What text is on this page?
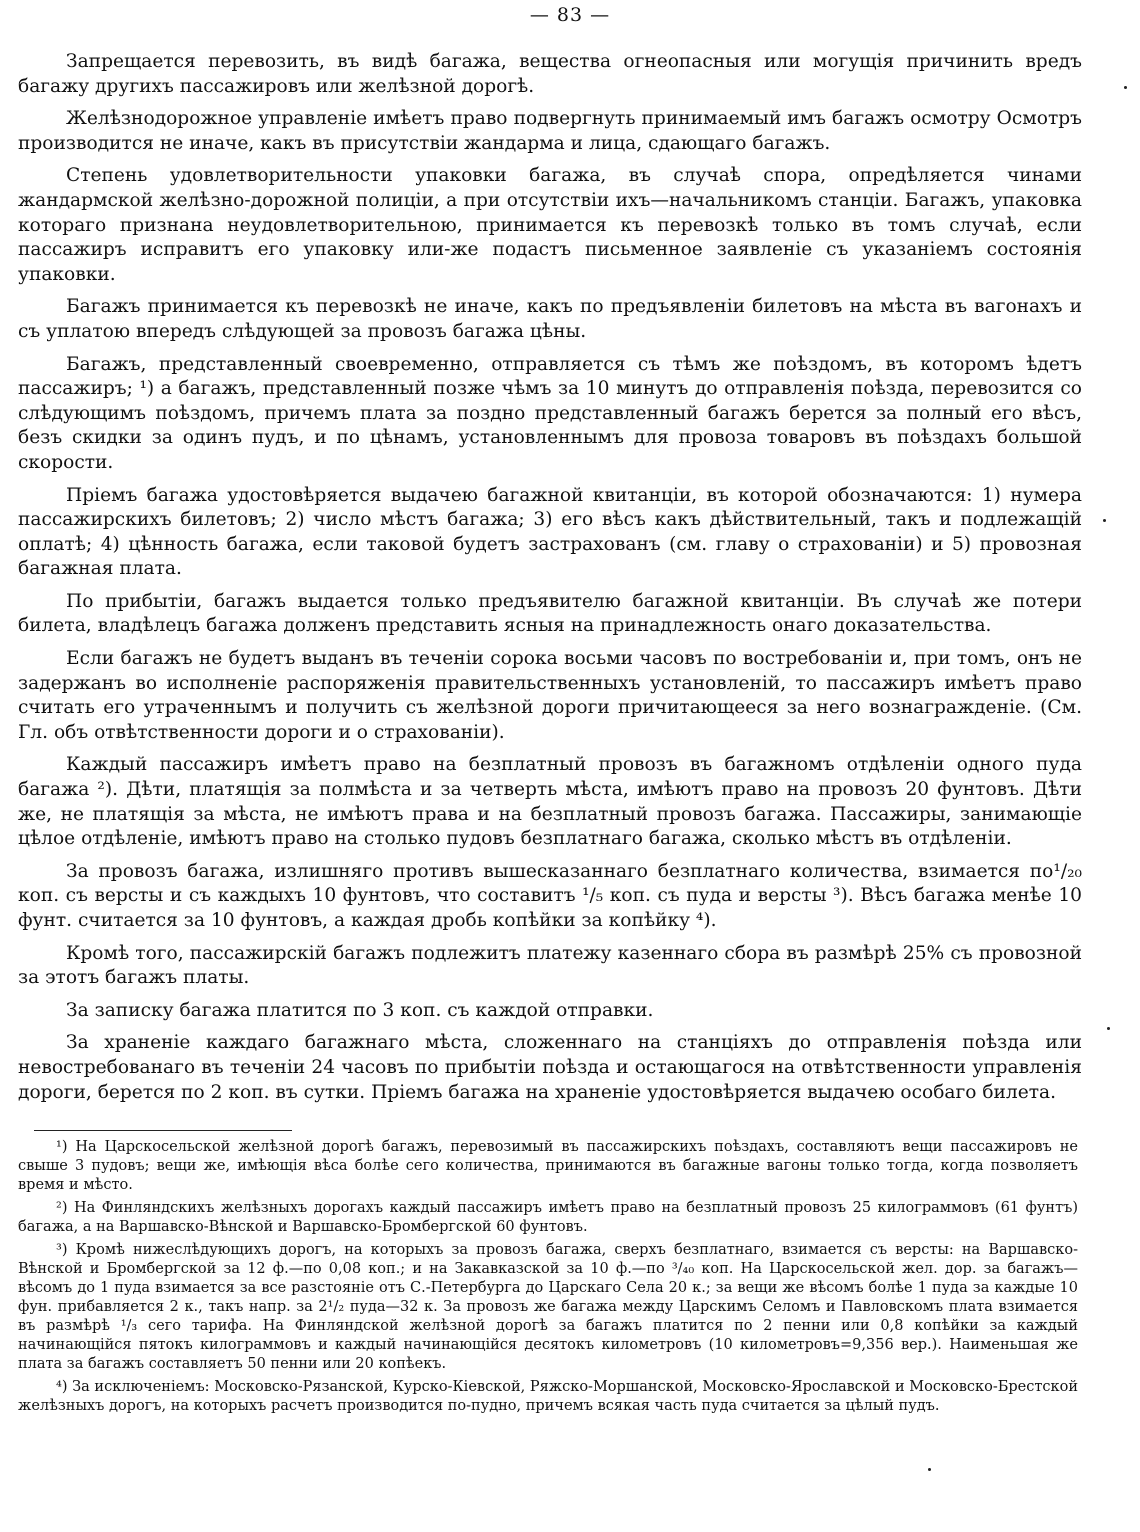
— 83 —

Запрещается перевозить, въ видѣ багажа, вещества огнеопасныя или могущія причинить вредъ багажу другихъ пассажировъ или желѣзной дорогѣ.

Желѣзнодорожное управленіе имѣетъ право подвергнуть принимаемый имъ багажъ осмотру Осмотръ производится не иначе, какъ въ присутствіи жандарма и лица, сдающаго багажъ.

Степень удовлетворительности упаковки багажа, въ случаѣ спора, опредѣляется чинами жандармской желѣзно-дорожной полиціи, а при отсутствіи ихъ—начальникомъ станціи. Багажъ, упаковка котораго признана неудовлетворительною, принимается къ перевозкѣ только въ томъ случаѣ, если пассажиръ исправитъ его упаковку или-же подастъ письменное заявленіе съ указаніемъ состоянія упаковки.

Багажъ принимается къ перевозкѣ не иначе, какъ по предъявленіи билетовъ на мѣста въ вагонахъ и съ уплатою впередъ слѣдующей за провозъ багажа цѣны.

Багажъ, представленный своевременно, отправляется съ тѣмъ же поѣздомъ, въ которомъ ѣдетъ пассажиръ; ¹) а багажъ, представленный позже чѣмъ за 10 минутъ до отправленія поѣзда, перевозится со слѣдующимъ поѣздомъ, причемъ плата за поздно представленный багажъ берется за полный его вѣсъ, безъ скидки за одинъ пудъ, и по цѣнамъ, установленнымъ для провоза товаровъ въ поѣздахъ большой скорости.

Пріемъ багажа удостовѣряется выдачею багажной квитанціи, въ которой обозначаются: 1) нумера пассажирскихъ билетовъ; 2) число мѣстъ багажа; 3) его вѣсъ какъ дѣйствительный, такъ и подлежащій оплатѣ; 4) цѣнность багажа, если таковой будетъ застрахованъ (см. главу о страхованіи) и 5) провозная багажная плата.

По прибытіи, багажъ выдается только предъявителю багажной квитанціи. Въ случаѣ же потери билета, владѣлецъ багажа долженъ представить ясныя на принадлежность онаго доказательства.

Если багажъ не будетъ выданъ въ теченіи сорока восьми часовъ по востребованіи и, при томъ, онъ не задержанъ во исполненіе распоряженія правительственныхъ установленій, то пассажиръ имѣетъ право считать его утраченнымъ и получить съ желѣзной дороги причитающееся за него вознагражденіе. (См. Гл. объ отвѣтственности дороги и о страхованіи).

Каждый пассажиръ имѣетъ право на безплатный провозъ въ багажномъ отдѣленіи одного пуда багажа ²). Дѣти, платящія за полмѣста и за четверть мѣста, имѣютъ право на провозъ 20 фунтовъ. Дѣти же, не платящія за мѣста, не имѣютъ права и на безплатный провозъ багажа. Пассажиры, занимающіе цѣлое отдѣленіе, имѣютъ право на столько пудовъ безплатнаго багажа, сколько мѣстъ въ отдѣленіи.

За провозъ багажа, излишняго противъ вышесказаннаго безплатнаго количества, взимается по¹/₂₀ коп. съ версты и съ каждыхъ 10 фунтовъ, что составитъ ¹/₅ коп. съ пуда и версты ³). Вѣсъ багажа менѣе 10 фунт. считается за 10 фунтовъ, а каждая дробь копѣйки за копѣйку ⁴).

Кромѣ того, пассажирскій багажъ подлежитъ платежу казеннаго сбора въ размѣрѣ 25% съ провозной за этотъ багажъ платы.

За записку багажа платится по 3 коп. съ каждой отправки.

За храненіе каждаго багажнаго мѣста, сложеннаго на станціяхъ до отправленія поѣзда или невостребованаго въ теченіи 24 часовъ по прибытіи поѣзда и остающагося на отвѣтственности управленія дороги, берется по 2 коп. въ сутки. Пріемъ багажа на храненіе удостовѣряется выдачею особаго билета.

¹) На Царскосельской желѣзной дорогѣ багажъ, перевозимый въ пассажирскихъ поѣздахъ, составляютъ вещи пассажировъ не свыше 3 пудовъ; вещи же, имѣющія вѣса болѣе сего количества, принимаются въ багажные вагоны только тогда, когда позволяетъ время и мѣсто.

²) На Финляндскихъ желѣзныхъ дорогахъ каждый пассажиръ имѣетъ право на безплатный провозъ 25 килограммовъ (61 фунтъ) багажа, а на Варшавско-Вѣнской и Варшавско-Бромбергской 60 фунтовъ.

³) Кромѣ нижеслѣдующихъ дорогъ, на которыхъ за провозъ багажа, сверхъ безплатнаго, взимается съ версты: на Варшавско-Вѣнской и Бромбергской за 12 ф.—по 0,08 коп.; и на Закавказской за 10 ф.—по ³/₄₀ коп. На Царскосельской жел. дор. за багажъ—вѣсомъ до 1 пуда взимается за все разстояніе отъ С.-Петербурга до Царскаго Села 20 к.; за вещи же вѣсомъ болѣе 1 пуда за каждые 10 фун. прибавляется 2 к., такъ напр. за 2¹/₂ пуда—32 к. За провозъ же багажа между Царскимъ Селомъ и Павловскомъ плата взимается въ размѣрѣ ¹/₃ сего тарифа. На Финляндской желѣзной дорогѣ за багажъ платится по 2 пенни или 0,8 копѣйки за каждый начинающійся пятокъ килограммовъ и каждый начинающійся десятокъ километровъ (10 километровъ=9,356 вер.). Наименьшая же плата за багажъ составляетъ 50 пенни или 20 копѣекъ.

⁴) За исключеніемъ: Московско-Рязанской, Курско-Кіевской, Ряжско-Моршанской, Московско-Ярославской и Московско-Брестской желѣзныхъ дорогъ, на которыхъ расчетъ производится по-пудно, причемъ всякая часть пуда считается за цѣлый пудъ.
